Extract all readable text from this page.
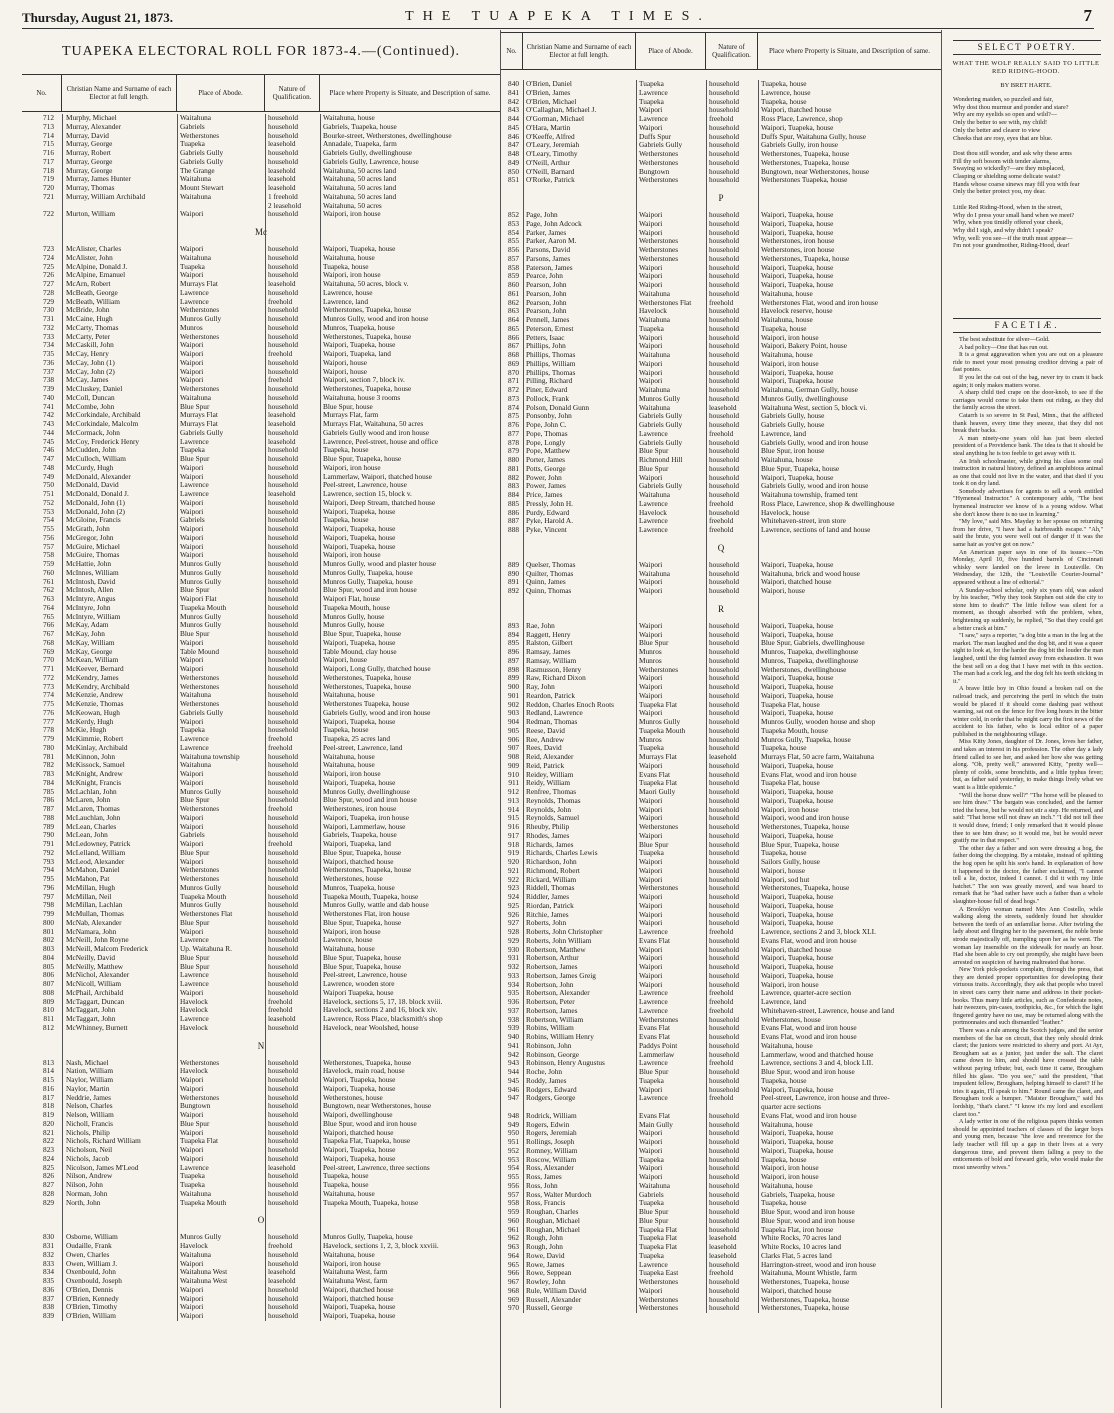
Thursday, August 21, 1873.	THE TUAPEKA TIMES.	7
TUAPEKA ELECTORAL ROLL FOR 1873-4.—(Continued).
No.	Christian Name and Surname of each Elector at full length.	Place of Abode.	Nature of Qualification.	Place where Property is Situate, and Description of same.
712 Murphy, Michael	Waitahuna	household	Waitahuna, house
713 Murray, Alexander	Gabriels	household	Gabriels, Tuapeka, house
714 Murray, David	Wetherstones	household	Bourke-street, Wetherstones, dwellinghouse
715 Murray, George	Tuapeka	leasehold	Annadale, Tuapeka, farm
716 Murray, Robert	Gabriels Gully	household	Gabriels Gully, dwellinghouse
717 Murray, George	Gabriels Gully	household	Gabriels Gully, Lawrence, house
718 Murray, George	The Grange	leasehold	Waitahuna, 50 acres land
719 Murray, James Hunter	Waitahuna	leasehold	Waitahuna, 50 acres land
720 Murray, Thomas	Mount Stewart	leasehold	Waitahuna, 50 acres land
721 Murray, William Archibald	Waitahuna	1 freehold	Waitahuna, 50 acres land
2 leasehold	Waitahuna, 50 acres
722 Murton, William	Waipori	household	Waipori, iron house
Mc
723 McAlister, Charles	Waipori	household	Waipori, Tuapeka, house
724 McAlister, John	Waitahuna	household	Waitahuna, house
725 McAlpine, Donald J.	Tuapeka	household	Tuapeka, house
726 McAlpine, Emanuel	Waipori	household	Waipori, iron house
727 McArn, Robert	Murrays Flat	leasehold	Waitahuna, 50 acres, block v.
728 McBeath, George	Lawrence	household	Lawrence, house
729 McBeath, William	Lawrence	freehold	Lawrence, land
730 McBride, John	Wetherstones	household	Wetherstones, Tuapeka, house
731 McCaine, Hugh	Munros Gully	household	Munros Gully, wood and iron house
732 McCarty, Thomas	Munros	household	Munros, Tuapeka, house
733 McCarty, Peter	Wetherstones	household	Wetherstones, Tuapeka, house
734 McCaskill, John	Waipori	household	Waipori, Tuapeka, house
735 McCay, Henry	Waipori	freehold	Waipori, Tuapeka, land
736 McCay, John (1)	Waipori	household	Waipori, house
737 McCay, John (2)	Waipori	household	Waipori, house
738 McCay, James	Waipori	freehold	Waipori, section 7, block iv.
739 McCluskey, Daniel	Wetherstones	household	Wetherstones, Tuapeka, house
740 McColl, Duncan	Waitahuna	household	Waitahuna, house 3 rooms
741 McCombe, John	Blue Spur	household	Blue Spur, house
742 McCorkindale, Archibald	Murrays Flat	leasehold	Murrays Flat, farm
743 McCorkindale, Malcolm	Murrays Flat	leasehold	Murrays Flat, Waitahuna, 50 acres
744 McCormack, John	Gabriels Gully	household	Gabriels Gully wood and iron house
745 McCoy, Frederick Henry	Lawrence	leasehold	Lawrence, Peel-street, house and office
746 McCudden, John	Tuapeka	household	Tuapeka, house
747 McCulloch, William	Blue Spur	household	Blue Spur, Tuapeka, house
748 McCurdy, Hugh	Waipori	household	Waipori, iron house
749 McDonald, Alexander	Waipori	household	Lammerlaw, Waipori, thatched house
750 McDonald, David	Lawrence	household	Peel-street, Lawrence, house
751 McDonald, Donald J.	Lawrence	leasehold	Lawrence, section 15, block v.
752 McDonald, John (1)	Waipori	household	Waipori, Deep Stream, thatched house
753 McDonald, John (2)	Waipori	household	Waipori, Tuapeka, house
754 McGloine, Francis	Gabriels	household	Tuapeka, house
755 McGrath, John	Waipori	household	Waipori, Tuapeka, house
756 McGregor, John	Waipori	household	Waipori, Tuapeka, house
757 McGuire, Michael	Waipori	household	Waipori, Tuapeka, house
758 McGuire, Thomas	Waipori	household	Waipori, iron house
759 McHattie, John	Munros Gully	household	Munros Gully, wood and plaster house
760 McInnes, William	Munros Gully	household	Munros Gully, Tuapeka, house
761 McIntosh, David	Munros Gully	household	Munros Gully, Tuapeka, house
762 McIntosh, Allen	Blue Spur	household	Blue Spur, wood and iron house
763 McIntyre, Angus	Waipori Flat	household	Waipori Flat, house
764 McIntyre, John	Tuapeka Mouth	household	Tuapeka Mouth, house
765 McIntyre, William	Munros Gully	household	Munros Gully, house
766 McKay, Adam	Munros Gully	household	Munros Gully, house
767 McKay, John	Blue Spur	household	Blue Spur, Tuapeka, house
768 McKay, William	Waipori	household	Waipori, Tuapeka, house
769 McKay, George	Table Mound	household	Table Mound, clay house
770 McKean, William	Waipori	household	Waipori, house
771 McKeever, Bernard	Waipori	household	Waipori, Long Gully, thatched house
772 McKendry, James	Wetherstones	household	Wetherstones, Tuapeka, house
773 McKendry, Archibald	Wetherstones	household	Wetherstones, Tuapeka, house
774 McKenzie, Andrew	Waitahuna	household	Waitahuna, house
775 McKenzie, Thomas	Wetherstones	household	Wetherstones Tuapeka, house
776 McKeowan, Hugh	Gabriels Gully	household	Gabriels Gully, wood and iron house
777 McKerdy, Hugh	Waipori	household	Waipori, Tuapeka, house
778 McKie, Hugh	Tuapeka	household	Tuapeka, house
779 McKimmie, Robert	Lawrence	freehold	Tuapeka, 25 acres land
780 McKinlay, Archibald	Lawrence	freehold	Peel-street, Lawrence, land
781 McKinnon, John	Waitahuna township	household	Waitahuna, house
782 McKissock, Samuel	Waitahuna	household	Waitahuna, house
783 McKnight, Andrew	Waipori	household	Waipori, iron house
784 McKnight, Francis	Waipori	household	Waipori, Tuapeka, house
785 McLachlan, John	Munros Gully	household	Munros Gully, dwellinghouse
786 McLaren, John	Blue Spur	household	Blue Spur, wood and iron house
787 McLaren, Thomas	Wetherstones	freehold	Wetherstones, iron house
788 McLauchlan, John	Waipori	household	Waipori, Tuapeka, iron house
789 McLean, Charles	Waipori	household	Waipori, Lammerlaw, house
790 McLean, John	Gabriels	household	Gabriels, Tuapeka, house
791 McLedowney, Patrick	Waipori	freehold	Waipori, Tuapeka, land
792 McLelland, William	Blue Spur	household	Blue Spur, Tuapeka, house
793 McLeod, Alexander	Waipori	household	Waipori, thatched house
794 McMahon, Daniel	Wetherstones	household	Wetherstones, Tuapeka, house
795 McMahon, Pat	Wetherstones	household	Wetherstones, house
796 McMillan, Hugh	Munros Gully	household	Munros, Tuapeka, house
797 McMillan, Neil	Tuapeka Mouth	household	Tuapeka Mouth, Tuapeka, house
798 McMillan, Lachlan	Munros Gully	household	Munros Gully, wattle and dab house
799 McMullan, Thomas	Wetherstones Flat	household	Wetherstones Flat, iron house
800 McNab, Alexander	Blue Spur	household	Blue Spur, Tuapeka, house
801 McNamara, John	Waipori	household	Waipori, iron house
802 McNeill, John Royne	Lawrence	household	Lawrence, house
803 McNeill, Malcom Frederick	Up. Waitahuna R.	household	Waitahuna, house
804 McNeilly, David	Blue Spur	household	Blue Spur, Tuapeka, house
805 McNeilly, Matthew	Blue Spur	household	Blue Spur, Tuapeka, house
806 McNichol, Alexander	Lawrence	household	Peel-street, Lawrence, house
807 McNicoll, William	Lawrence	household	Lawrence, wooden store
808 McPhail, Archibald	Waipori	household	Waipori Tuapeka, house
809 McTaggart, Duncan	Havelock	freehold	Havelock, sections 5, 17, 18. block xviii.
810 McTaggart, John	Havelock	freehold	Havelock, sections 2 and 16, block xiv.
811 McTaggart, John	Lawrence	leasehold	Lawrence, Ross Place, blacksmith's shop
812 McWhinney, Burnett	Havelock	household	Havelock, near Woolshed, house
N
813 Nash, Michael	Wetherstones	household	Wetherstones, Tuapeka, house
814 Nation, William	Havelock	household	Havelock, main road, house
815 Naylor, William	Waipori	household	Waipori, Tuapeka, house
816 Naylor, Martin	Waipori	household	Waipori, Tuapeka, house
817 Neddrie, James	Wetherstones	household	Wetherstones, house
818 Nelson, Charles	Bungtown	household	Bungtown, near Wetherstones, house
819 Nelson, William	Waipori	household	Waipori, dwellinghouse
820 Nicholl, Francis	Blue Spur	household	Blue Spur, wood and iron house
821 Nichols, Philip	Waipori	household	Waipori, thatched house
822 Nichols, Richard William	Tuapeka Flat	household	Tuapeka Flat, Tuapeka, house
823 Nicholson, Neil	Waipori	household	Waipori, Tuapeka, house
824 Nichols, Jacob	Waipori	household	Waipori, Tuapeka, house
825 Nicolson, James M'Leod	Lawrence	leasehold	Peel-street, Lawrence, three sections
826 Nilson, Andrew	Tuapeka	household	Tuapeka, house
827 Nilson, John	Tuapeka	household	Tuapeka, house
828 Norman, John	Waitahuna	household	Waitahuna, house
829 North, John	Tuapeka Mouth	household	Tuapeka Mouth, Tuapeka, house
O
830 Osborne, William	Munros Gully	household	Munros Gully, Tuapeka, house
831 Oudaille, Frank	Havelock	freehold	Havelock, sections 1, 2, 3, block xxviii.
832 Owen, Charles	Waitahuna	household	Waitahuna, house
833 Owen, William J.	Waipori	household	Waipori, iron house
834 Oxenbould, John	Waitahuna West	leasehold	Waitahuna West, farm
835 Oxenbould, Joseph	Waitahuna West	leasehold	Waitahuna West, farm
836 O'Brien, Dennis	Waipori	household	Waipori, thatched house
837 O'Brien, Kennedy	Waipori	household	Waipori, thatched house
838 O'Brien, Timothy	Waipori	household	Waipori, Tuapeka, house
839 O'Brien, William	Waipori	household	Waipori, Tuapeka, house
No.	Christian Name and Surname of each Elector at full length.	Place of Abode.	Nature of Qualification.	Place where Property is Situate, and Description of same.
840 O'Brien, Daniel	Tuapeka	household	Tuapeka, house
841 O'Brien, James	Lawrence	household	Lawrence, house
842 O'Brien, Michael	Tuapeka	household	Tuapeka, house
843 O'Callaghan, Michael J.	Waipori	household	Waipori, thatched house
844 O'Gorman, Michael	Lawrence	freehold	Ross Place, Lawrence, shop
845 O'Hara, Martin	Waipori	household	Waipori, Tuapeka, house
846 O'Keeffe, Alfred	Duffs Spur	household	Duffs Spur, Waitahuna Gully, house
847 O'Leary, Jeremiah	Gabriels Gully	household	Gabriels Gully, iron house
848 O'Leary, Timothy	Wetherstones	household	Wetherstones, Tuapeka, house
849 O'Neill, Arthur	Wetherstones	household	Wetherstones, Tuapeka, house
850 O'Neill, Barnard	Bungtown	household	Bungtown, near Wetherstones, house
851 O'Rorke, Patrick	Wetherstones	household	Wetherstones Tuapeka, house
P
852 Page, John	Waipori	household	Waipori, Tuapeka, house
853 Page, John Adcock	Waipori	household	Waipori, Tuapeka, house
854 Parker, James	Waipori	household	Waipori, Tuapeka, house
855 Parker, Aaron M.	Wetherstones	household	Wetherstones, iron house
856 Parsons, David	Wetherstones	household	Wetherstones, iron house
857 Parsons, James	Wetherstones	household	Wetherstones, Tuapeka, house
858 Paterson, James	Waipori	household	Waipori, Tuapeka, house
859 Pearce, John	Waipori	household	Waipori, Tuapeka, house
860 Pearson, John	Waipori	household	Waipori, Tuapeka, house
861 Pearson, John	Waitahuna	household	Waitahuna, house
862 Pearson, John	Wetherstones Flat	freehold	Wetherstones Flat, wood and iron house
863 Pearson, John	Havelock	household	Havelock reserve, house
864 Pennell, James	Waitahuna	household	Waitahuna, house
865 Peterson, Ernest	Tuapeka	household	Tuapeka, house
866 Petters, Isaac	Waipori	household	Waipori, iron house
867 Phillips, John	Waipori	household	Waipori, Bakery Point, house
868 Phillips, Thomas	Waitahuna	household	Waitahuna, house
869 Phillips, William	Waipori	household	Waipori, iron house
870 Phillips, Thomas	Waipori	household	Waipori, Tuapeka, house
871 Pilling, Richard	Waipori	household	Waipori, Tuapeka, house
872 Piner, Edward	Waitahuna	household	Waitahuna, German Gully, house
873 Pollock, Frank	Munros Gully	household	Munros Gully, dwellinghouse
874 Polson, Donald Gunn	Waitahuna	leasehold	Waitahuna West, section 5, block vi.
875 Ponsonby, John	Gabriels Gully	household	Gabriels Gully, house
876 Pope, John C.	Gabriels Gully	household	Gabriels Gully, house
877 Pope, Thomas	Lawrence	freehold	Lawrence, land
878 Pope, Longly	Gabriels Gully	household	Gabriels Gully, wood and iron house
879 Pope, Matthew	Blue Spur	household	Blue Spur, iron house
880 Porter, James	Richmond Hill	household	Waitahuna, house
881 Potts, George	Blue Spur	household	Blue Spur, Tuapeka, house
882 Power, John	Waipori	household	Waipori, Tuapeka, house
883 Power, James	Gabriels Gully	household	Gabriels Gully, wood and iron house
884 Price, James	Waitahuna	household	Waitahuna township, framed tent
885 Pressly, John H.	Lawrence	freehold	Ross Place, Lawrence, shop & dwellinghouse
886 Purdy, Edward	Havelock	household	Havelock, house
887 Pyke, Harold A.	Lawrence	freehold	Whitehaven-street, iron store
888 Pyke, Vincent	Lawrence	freehold	Lawrence, sections of land and house
Q
889 Quelser, Thomas	Waipori	household	Waipori, Tuapeka, house
890 Quilter, Thomas	Waitahuna	household	Waitahuna, brick and wood house
891 Quinn, James	Waipori	household	Waipori, thatched house
892 Quinn, Thomas	Waipori	household	Waipori, house
R
893 Rae, John	Waipori	household	Waipori, Tuapeka, house
894 Raggett, Henry	Waipori	household	Waipori, Tuapeka, house
895 Ralston, Gilbert	Blue Spur	household	Blue Spur, Gabriels, dwellinghouse
896 Ramsay, James	Munros	household	Munros, Tuapeka, dwellinghouse
897 Ramsay, William	Munros	household	Munros, Tuapeka, dwellinghouse
898 Rasmusson, Henry	Wetherstones	household	Wetherstones, dwellinghouse
899 Raw, Richard Dixon	Waipori	household	Waipori, Tuapeka, house
900 Ray, John	Waipori	household	Waipori, Tuapeka, house
901 Reardon, Patrick	Waipori	household	Waipori, Tuapeka, house
902 Reddon, Charles Enoch Roots	Tuapeka Flat	household	Tuapeka Flat, house
903 Redland, Lawrence	Waipori	household	Waipori, Tuapeka, house
904 Redman, Thomas	Munros Gully	household	Munros Gully, wooden house and shop
905 Reese, David	Tuapeka Mouth	household	Tuapeka Mouth, house
906 Ree, Andrew	Munros	household	Munros Gully, Tuapeka, house
907 Rees, David	Tuapeka	household	Tuapeka, house
908 Reid, Alexander	Murrays Flat	leasehold	Murrays Flat, 50 acre farm, Waitahuna
909 Reid, Patrick	Waipori	household	Waipori, Tuapeka, house
910 Reidey, William	Evans Flat	household	Evans Flat, wood and iron house
911 Reidy, William	Tuapeka Flat	household	Tuapeka Flat, house
912 Renfree, Thomas	Maori Gully	household	Waipori, Tuapeka, house
913 Reynolds, Thomas	Waipori	household	Waipori, Tuapeka, house
914 Reynolds, John	Waipori	household	Waipori, iron house
915 Reynolds, Samuel	Waipori	household	Waipori, wood and iron house
916 Rheuby, Philip	Wetherstones	household	Wetherstones, Tuapeka, house
917 Rhodes, James	Waipori	household	Waipori, Tuapeka, house
918 Richards, James	Blue Spur	household	Blue Spur, Tuapeka, house
919 Richards, Charles Lewis	Tuapeka	household	Tuapeka, house
920 Richardson, John	Waipori	household	Sailors Gully, house
921 Richmond, Robert	Waipori	household	Waipori, house
922 Rickard, William	Waipori	household	Waipori, sod hut
923 Riddell, Thomas	Wetherstones	household	Wetherstones, Tuapeka, house
924 Riddler, James	Waipori	household	Waipori, Tuapeka, house
925 Riordan, Patrick	Waipori	household	Waipori, Tuapeka, house
926 Ritchie, James	Waipori	household	Waipori, Tuapeka, house
927 Roberts, John	Waipori	household	Waipori, Tuapeka, house
928 Roberts, John Christopher	Lawrence	freehold	Lawrence, sections 2 and 3, block XLI.
929 Roberts, John William	Evans Flat	household	Evans Flat, wood and iron house
930 Robertson, Matthew	Waipori	household	Waipori, thatched house
931 Robertson, Arthur	Waipori	household	Waipori, Tuapeka, house
932 Robertson, James	Waipori	household	Waipori, Tuapeka, house
933 Robertson, James Greig	Waipori	household	Waipori, Tuapeka, house
934 Robertson, John	Waipori	household	Waipori, iron house
935 Robertson, Alexander	Lawrence	freehold	Lawrence, quarter-acre section
936 Robertson, Peter	Lawrence	freehold	Lawrence, land
937 Robertson, James	Lawrence	freehold	Whitehaven-street, Lawrence, house and land
938 Robertson, William	Wetherstones	household	Wetherstones, house
939 Robins, William	Evans Flat	household	Evans Flat, wood and iron house
940 Robins, William Henry	Evans Flat	household	Evans Flat, wood and iron house
941 Robinson, John	Paddys Point	household	Waitahuna, house
942 Robinson, George	Lammerlaw	household	Lammerlaw, wood and thatched house
943 Robinson, Henry Augustus	Lawrence	freehold	Lawrence, sections 3 and 4, block LII.
944 Roche, John	Blue Spur	household	Blue Spur, wood and iron house
945 Roddy, James	Tuapeka	household	Tuapeka, house
946 Rodgers, Edward	Waipori	household	Waipori, Tuapeka, house
947 Rodgers, George	Lawrence	freehold	Peel-street, Lawrence, iron house and three-
quarter acre sections
948 Rodrick, William	Evans Flat	household	Evans Flat, wood and iron house
949 Rogers, Edwin	Main Gully	household	Waitahuna, house
950 Rogers, Jeremiah	Waipori	household	Waipori, Tuapeka, house
951 Rollings, Joseph	Waipori	household	Waipori, Tuapeka, house
952 Romney, William	Waipori	household	Waipori, Tuapeka, house
953 Roscow, William	Tuapeka	household	Tuapeka, house
954 Ross, Alexander	Waipori	household	Waipori, iron house
955 Ross, James	Waipori	household	Waipori, iron house
956 Ross, John	Waitahuna	household	Waitahuna, house
957 Ross, Walter Murdoch	Gabriels	household	Gabriels, Tuapeka, house
958 Ross, Francis	Tuapeka	household	Tuapeka, house
959 Roughan, Charles	Blue Spur	household	Blue Spur, wood and iron house
960 Roughan, Michael	Blue Spur	household	Blue Spur, wood and iron house
961 Roughan, Michael	Tuapeka Flat	household	Tuapeka Flat, iron house
962 Rough, John	Tuapeka Flat	leasehold	White Rocks, 70 acres land
963 Rough, John	Tuapeka Flat	leasehold	White Rocks, 10 acres land
964 Rowe, David	Tuapeka	leasehold	Clarks Flat, 5 acres land
965 Rowe, James	Lawrence	household	Harrington-street, wood and iron house
966 Rowe, Seppean	Tuapeka East	freehold	Waitahuna, Mount Whistle, farm
967 Rowley, John	Wetherstones	household	Wetherstones, Tuapeka, house
968 Rule, William David	Waipori	household	Waipori, thatched house
969 Russell, Alexander	Wetherstones	household	Wetherstones, Tuapeka, house
970 Russell, George	Wetherstones	household	Wetherstones, Tuapeka, house
SELECT POETRY.
WHAT THE WOLF REALLY SAID TO LITTLE RED RIDING-HOOD.
BY BRET HARTE.
Wondering maiden, so puzzled and fair,
Why dost thou murmur and ponder and stare?
Why are my eyelids so open and wild?—
Only the better to see with, my child!
Only the better and clearer to view
Cheeks that are rosy, eyes that are blue.

Dost thou still wonder, and ask why these arms
Fill thy soft bosom with tender alarms,
Swaying so wickedly?—are they misplaced,
Clasping or shielding some delicate waist?
Hands whose coarse sinews may fill you with fear
Only the better protect you, my dear.

Little Red Riding-Hood, when in the street,
Why do I press your small hand when we meet?
Why, when you timidly offered your cheek,
Why did I sigh, and why didn't I speak?
Why, well: you see—if the truth must appear—
I'm not your grandmother, Riding-Hood, dear!
FACETIÆ.

The best substitute for silver—Gold.

A bad policy—One that has run out.

It is a great aggravation when you are out on a pleasure ride to meet your most pressing creditor driving a pair of fast ponies.

If you let the cat out of the bag, never try to cram it back again; it only makes matters worse.

A sharp child tied crape on the door-knob, to see if the carriages would come to take them out riding, as they did the family across the street.

Catarrh is so severe in St Paul, Minn., that the afflicted thank heaven, every time they sneeze, that they did not break their backs.

A man ninety-one years old has just been elected president of a Providence bank. The idea is that it should be steal anything he is too feeble to get away with it.

An Irish schoolmaster, while giving his class some oral instruction in natural history, defined an amphibious animal as one that could not live in the water, and that died if you took it on dry land.

Somebody advertises for agents to sell a work entitled "Hymeneal Instructor." A contemporary adds, "The best hymeneal instructor we know of is a young widow. What she don't know there is no use in learning."

"My love," said Mrs. Mayday to her spouse on returning from her drive, "I have had a hairbreadth escape." "Ah," said the brute, you were well out of danger if it was the same hair as you've got on now."

An American paper says in one of its issues:—"On Monday, April 10, five hundred barrels of Cincinnati whisky were landed on the levee in Louisville. On Wednesday, the 12th, the "Louisville Courier-Journal" appeared without a line of editorial."

A Sunday-school scholar, only six years old, was asked by his teacher, "Why they took Stephen out side the city to stone him to death?" The little fellow was silent for a moment, as though absorbed with the problem, when, brightening up suddenly, he replied, "So that they could get a better crack at him."

"I saw," says a reporter, "a dog bite a man in the leg at the market. The man laughed and the dog bit, and it was a queer sight to look at, for the harder the dog bit the louder the man laughed, until the dog fainted away from exhaustion. It was the best sell on a dog that I have met with in this section. The man had a cork leg, and the dog felt his teeth sticking in it."

A brave little boy in Ohio found a broken rail on the railroad track, and perceiving the peril in which the train would be placed if it should come dashing past without warning, sat out on the fence for five long hours in the bitter winter cold, in order that he might carry the first news of the accident to his father, who is local editor of a paper published in the neighbouring village.

Miss Kitty Jones, daughter of Dr. Jones, loves her father, and takes an interest in his profession. The other day a lady friend called to see her, and asked her how she was getting along. "Oh, pretty well," answered Kitty, "pretty well—plenty of colds, some bronchitis, and a little typhus fever; but, as father said yesterday, to make things lively what we want is a little epidemic."

"Will the horse draw well?" "The horse will be pleased to see him draw." The bargain was concluded, and the farmer tried the horse, but he would not stir a step. He returned, and said: "That horse will not draw an inch." "I did not tell thee it would draw, friend; I only remarked that it would please thee to see him draw; so it would me, but he would never gratify me in that respect."

The other day a father and son were dressing a hog, the father doing the chopping. By a mistake, instead of splitting the hog open he split his son's hand. In explanation of how it happened to the doctor, the father exclaimed, "I cannot tell a lie, doctor, indeed I cannot. I did it with my little hatchet." The son was greatly moved, and was heard to remark that he "had rather have such a father than a whole slaughter-house full of dead hogs."

A Brooklyn woman named Mrs Ann Costello, while walking along the streets, suddenly found her shoulder between the teeth of an unfamiliar horse. After twirling the lady about and flinging her to the pavement, the noble brute strode majestically off, trampling upon her as he went. The woman lay insensible on the sidewalk for nearly an hour. Had she been able to cry out promptly, she might have been arrested on suspicion of having maltreated that horse.

New York pick-pockets complain, through the press, that they are denied proper opportunities for developing their virtuous traits. Accordingly, they ask that people who travel in street cars carry their name and address in their pocket-books. Thus many little articles, such as Confederate notes, hair tweezers, pin-cases, toothpicks, &c., for which the light fingered gentry have no use, may be returned along with the portmonnaies and such dismantled "leather."

There was a rule among the Scotch judges, and the senior members of the bar on circuit, that they only should drink claret; the juniors were restricted to sherry and port. At Ayr, Brougham sat as a junior, just under the salt. The claret came down to him, and should have crossed the table without paying tribute; but, each time it came, Brougham filled his glass. "Do you see," said the president, "that impudent fellow, Brougham, helping himself to claret? If he tries it again, I'll speak to him." Round came the claret, and Brougham took a bumper. "Maister Brougham," said his lordship, "that's claret." "I know it's my lord and excellent claret too."

A lady writer in one of the religious papers thinks women should be appointed teachers of classes of the larger boys and young men, because "the love and reverence for the lady teacher will fill up a gap in their lives at a very dangerous time, and prevent them falling a prey to the enticements of bold and forward girls, who would make the most unworthy wives."
